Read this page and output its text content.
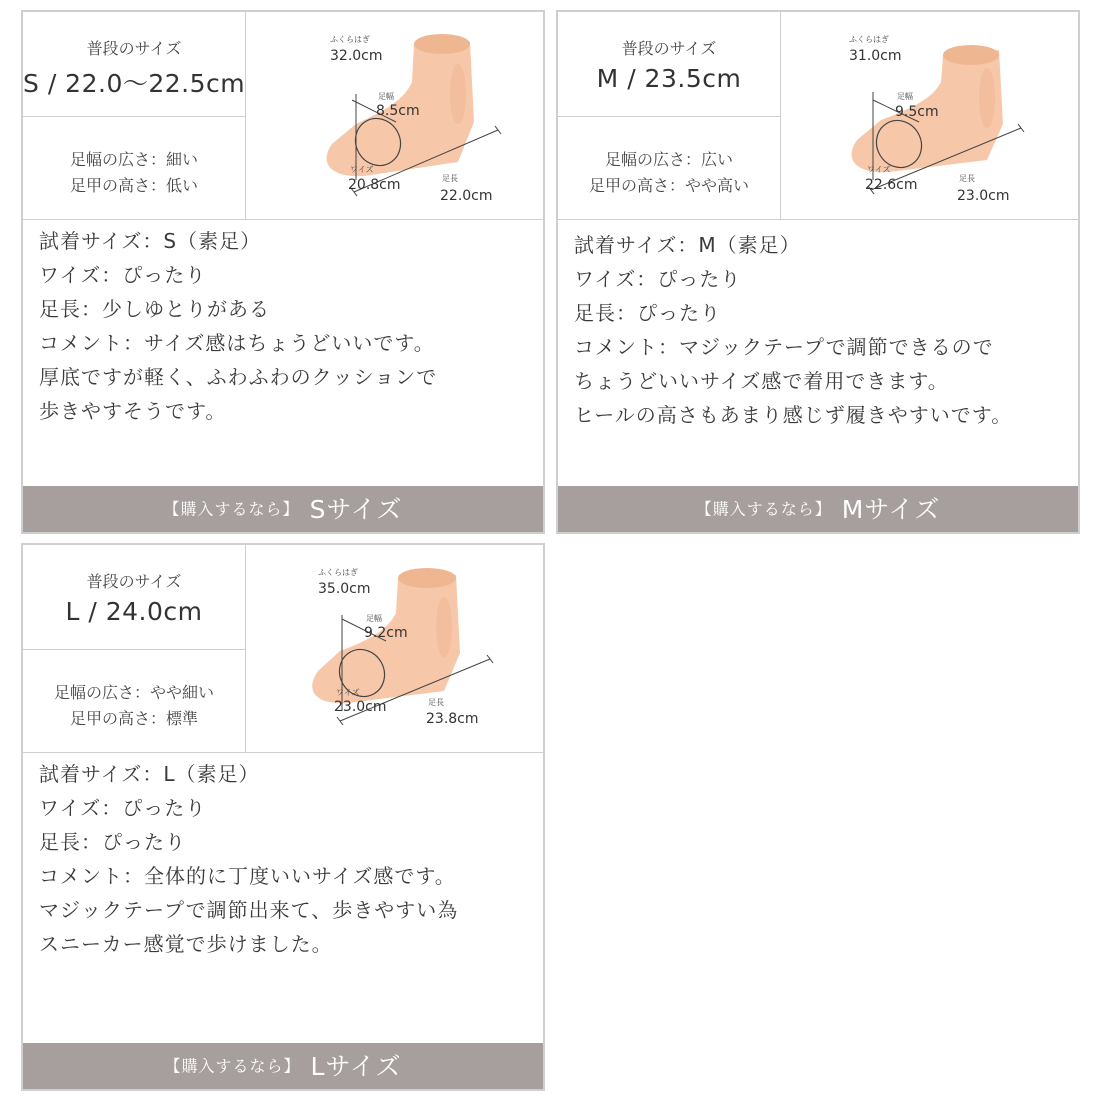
普段のサイズ
S / 22.0〜22.5cm
足幅の広さ：細い
足甲の高さ：低い
ふくらはぎ
32.0cm
足幅
8.5cm
ワイズ
20.8cm	足長
22.0cm
試着サイズ：S（素足）
ワイズ：ぴったり
足長：少しゆとりがある
コメント：サイズ感はちょうどいいです。
厚底ですが軽く、ふわふわのクッションで
歩きやすそうです。
【購入するなら】 Sサイズ
普段のサイズ
M / 23.5cm
足幅の広さ：広い
足甲の高さ：やや高い
ふくらはぎ
31.0cm
足幅
9.5cm
ワイズ
22.6cm	足長
23.0cm
試着サイズ：M（素足）
ワイズ：ぴったり
足長：ぴったり
コメント：マジックテープで調節できるので
ちょうどいいサイズ感で着用できます。
ヒールの高さもあまり感じず履きやすいです。
【購入するなら】 Mサイズ
普段のサイズ
L / 24.0cm
足幅の広さ：やや細い
足甲の高さ：標準
ふくらはぎ
35.0cm
足幅
9.2cm
ワイズ
23.0cm	足長
23.8cm
試着サイズ：L（素足）
ワイズ：ぴったり
足長：ぴったり
コメント：全体的に丁度いいサイズ感です。
マジックテープで調節出来て、歩きやすい為
スニーカー感覚で歩けました。
【購入するなら】 Lサイズ
